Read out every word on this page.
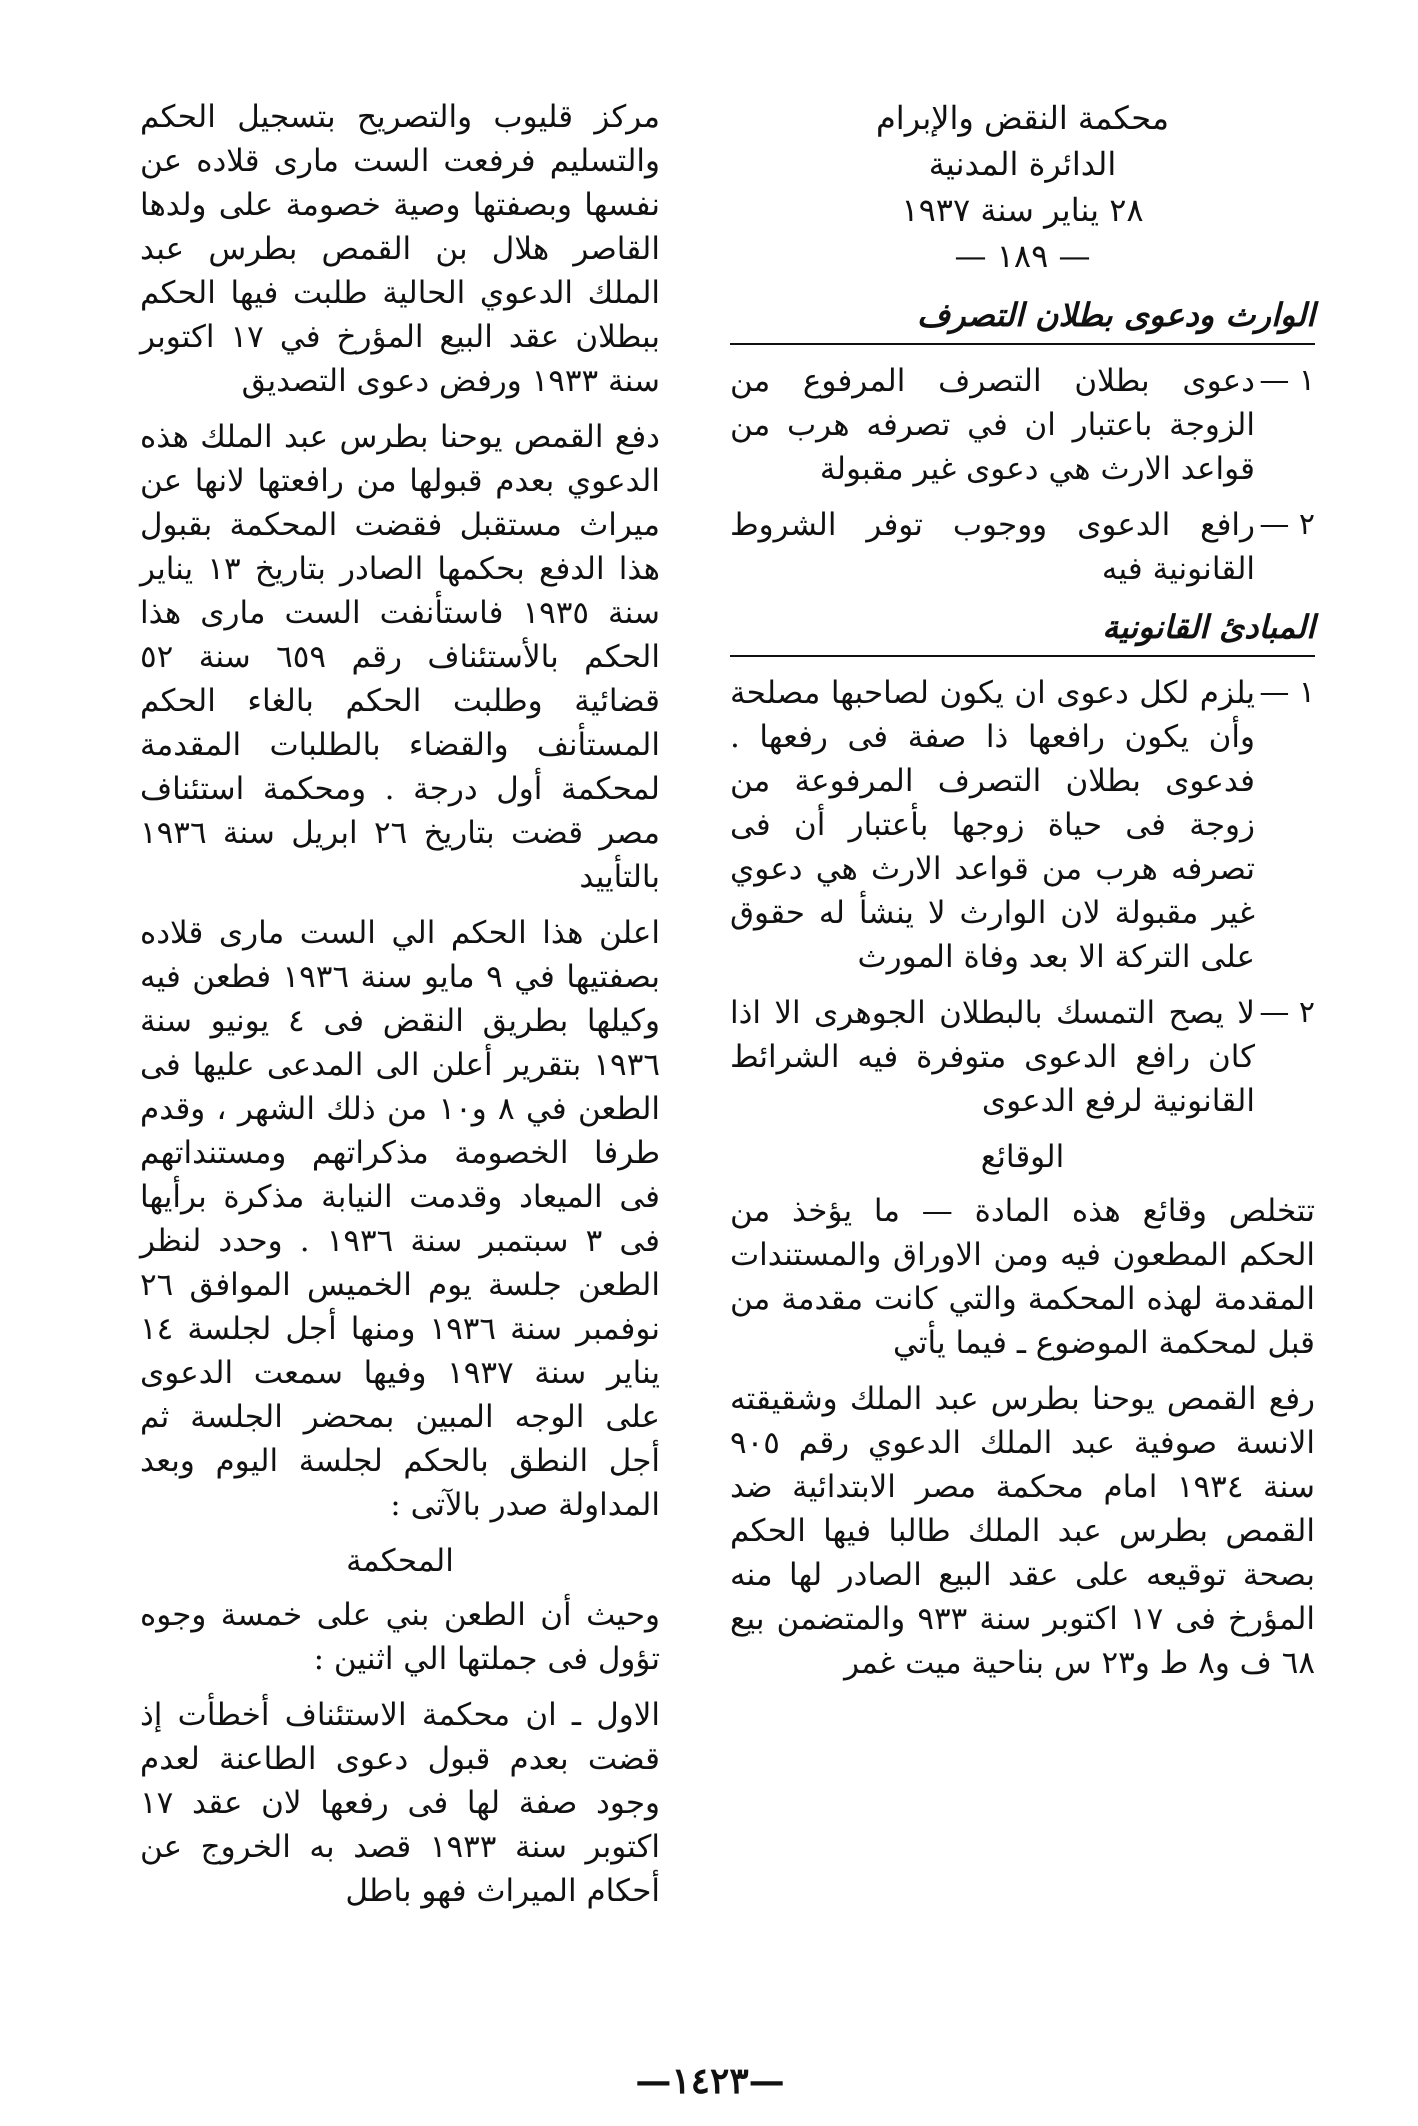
محكمة النقض والإبرام

الدائرة المدنية

٢٨ يناير سنة ١٩٣٧

— ١٨٩ —

الوارث ودعوى بطلان التصرف

١ —
دعوى بطلان التصرف المرفوع من الزوجة باعتبار ان في تصرفه هرب من قواعد الارث هي دعوى غير مقبولة
٢ —
رافع الدعوى ووجوب توفر الشروط القانونية فيه

المبادئ القانونية

١ —
يلزم لكل دعوى ان يكون لصاحبها مصلحة وأن يكون رافعها ذا صفة فى رفعها . فدعوى بطلان التصرف المرفوعة من زوجة فى حياة زوجها بأعتبار أن فى تصرفه هرب من قواعد الارث هي دعوي غير مقبولة لان الوارث لا ينشأ له حقوق على التركة الا بعد وفاة المورث
٢ —
لا يصح التمسك بالبطلان الجوهرى الا اذا كان رافع الدعوى متوفرة فيه الشرائط القانونية لرفع الدعوى

الوقائع

تتخلص وقائع هذه المادة — ما يؤخذ من الحكم المطعون فيه ومن الاوراق والمستندات المقدمة لهذه المحكمة والتي كانت مقدمة من قبل لمحكمة الموضوع ـ فيما يأتي

رفع القمص يوحنا بطرس عبد الملك وشقيقته الانسة صوفية عبد الملك الدعوي رقم ٩٠٥ سنة ١٩٣٤ امام محكمة مصر الابتدائية ضد القمص بطرس عبد الملك طالبا فيها الحكم بصحة توقيعه على عقد البيع الصادر لها منه المؤرخ فى ١٧ اكتوبر سنة ٩٣٣ والمتضمن بيع ٦٨ ف و٨ ط و٢٣ س بناحية ميت غمر

مركز قليوب والتصريح بتسجيل الحكم والتسليم فرفعت الست مارى قلاده عن نفسها وبصفتها وصية خصومة على ولدها القاصر هلال بن القمص بطرس عبد الملك الدعوي الحالية طلبت فيها الحكم ببطلان عقد البيع المؤرخ في ١٧ اكتوبر سنة ١٩٣٣ ورفض دعوى التصديق

دفع القمص يوحنا بطرس عبد الملك هذه الدعوي بعدم قبولها من رافعتها لانها عن ميراث مستقبل فقضت المحكمة بقبول هذا الدفع بحكمها الصادر بتاريخ ١٣ يناير سنة ١٩٣٥ فاستأنفت الست مارى هذا الحكم بالأستئناف رقم ٦٥٩ سنة ٥٢ قضائية وطلبت الحكم بالغاء الحكم المستأنف والقضاء بالطلبات المقدمة لمحكمة أول درجة . ومحكمة استئناف مصر قضت بتاريخ ٢٦ ابريل سنة ١٩٣٦ بالتأييد

اعلن هذا الحكم الي الست مارى قلاده بصفتيها في ٩ مايو سنة ١٩٣٦ فطعن فيه وكيلها بطريق النقض فى ٤ يونيو سنة ١٩٣٦ بتقرير أعلن الى المدعى عليها فى الطعن في ٨ و١٠ من ذلك الشهر ، وقدم طرفا الخصومة مذكراتهم ومستنداتهم فى الميعاد وقدمت النيابة مذكرة برأيها فى ٣ سبتمبر سنة ١٩٣٦ . وحدد لنظر الطعن جلسة يوم الخميس الموافق ٢٦ نوفمبر سنة ١٩٣٦ ومنها أجل لجلسة ١٤ يناير سنة ١٩٣٧ وفيها سمعت الدعوى على الوجه المبين بمحضر الجلسة ثم أجل النطق بالحكم لجلسة اليوم وبعد المداولة صدر بالآتى :

المحكمة

وحيث أن الطعن بني على خمسة وجوه تؤول فى جملتها الي اثنين :

الاول ـ ان محكمة الاستئناف أخطأت إذ قضت بعدم قبول دعوى الطاعنة لعدم وجود صفة لها فى رفعها لان عقد ١٧ اكتوبر سنة ١٩٣٣ قصد به الخروج عن أحكام الميراث فهو باطل

—١٤٢٣—
